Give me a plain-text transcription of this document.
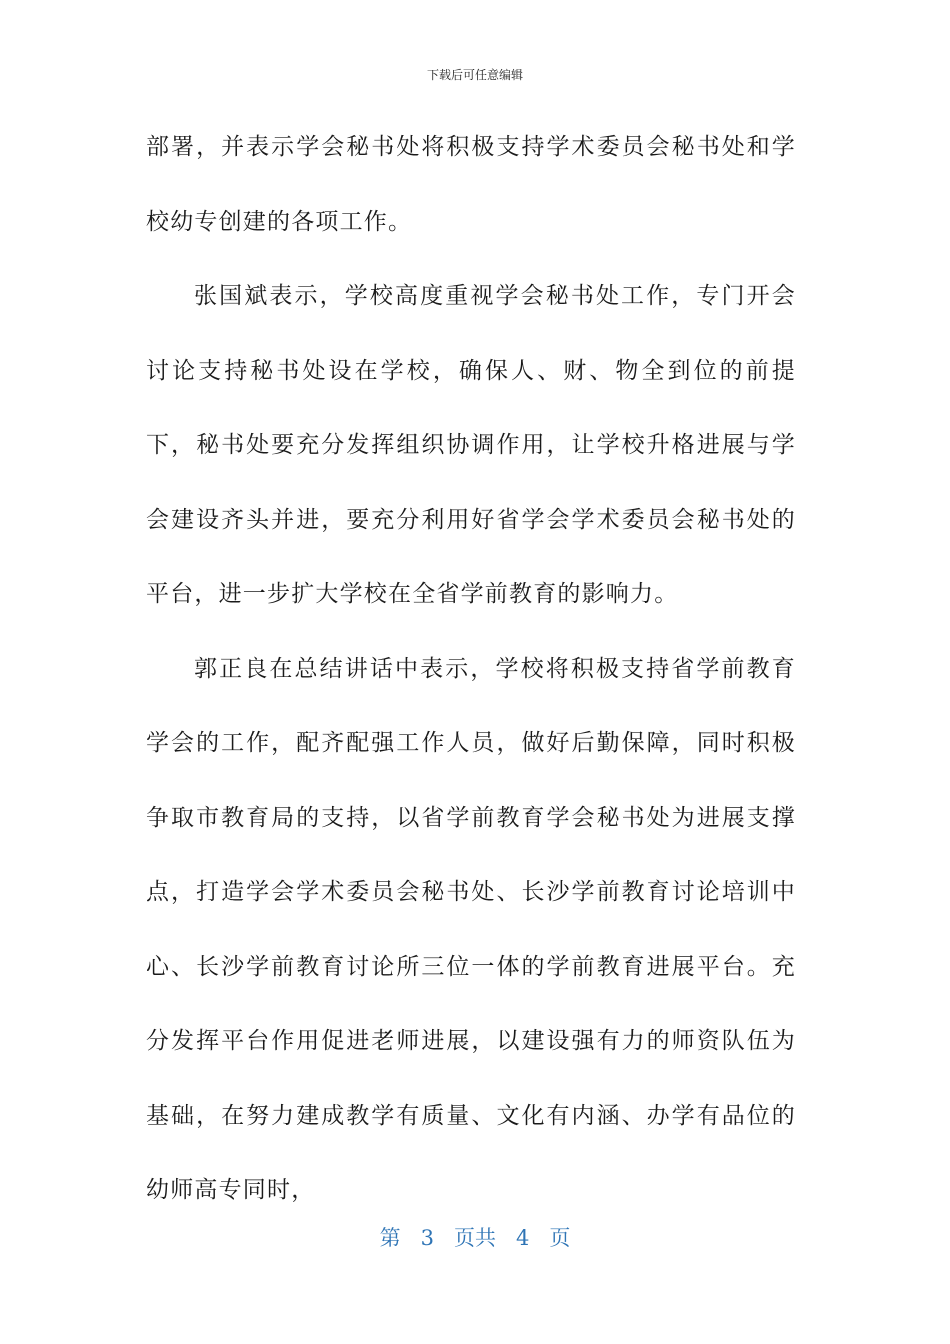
下载后可任意编辑

部署，并表示学会秘书处将积极支持学术委员会秘书处和学校幼专创建的各项工作。

张国斌表示，学校高度重视学会秘书处工作，专门开会讨论支持秘书处设在学校，确保人、财、物全到位的前提下，秘书处要充分发挥组织协调作用，让学校升格进展与学会建设齐头并进，要充分利用好省学会学术委员会秘书处的平台，进一步扩大学校在全省学前教育的影响力。

郭正良在总结讲话中表示，学校将积极支持省学前教育学会的工作，配齐配强工作人员，做好后勤保障，同时积极争取市教育局的支持，以省学前教育学会秘书处为进展支撑点，打造学会学术委员会秘书处、长沙学前教育讨论培训中心、长沙学前教育讨论所三位一体的学前教育进展平台。充分发挥平台作用促进老师进展，以建设强有力的师资队伍为基础，在努力建成教学有质量、文化有内涵、办学有品位的幼师高专同时，

第 3 页共 4 页
